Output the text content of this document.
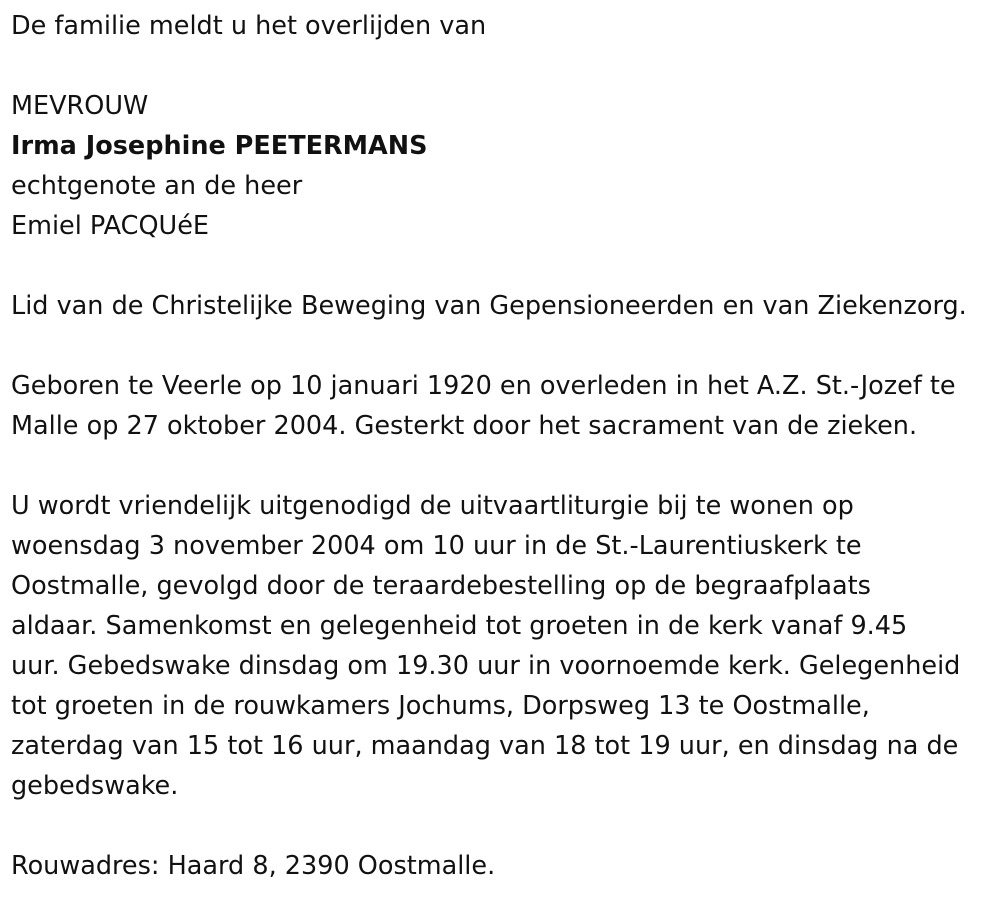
De familie meldt u het overlijden van
MEVROUW
Irma Josephine PEETERMANS
echtgenote an de heer
Emiel PACQUéE
Lid van de Christelijke Beweging van Gepensioneerden en van Ziekenzorg.
Geboren te Veerle op 10 januari 1920 en overleden in het A.Z. St.-Jozef te
Malle op 27 oktober 2004. Gesterkt door het sacrament van de zieken.
U wordt vriendelijk uitgenodigd de uitvaartliturgie bij te wonen op
woensdag 3 november 2004 om 10 uur in de St.-Laurentiuskerk te
Oostmalle, gevolgd door de teraardebestelling op de begraafplaats
aldaar. Samenkomst en gelegenheid tot groeten in de kerk vanaf 9.45
uur. Gebedswake dinsdag om 19.30 uur in voornoemde kerk. Gelegenheid
tot groeten in de rouwkamers Jochums, Dorpsweg 13 te Oostmalle,
zaterdag van 15 tot 16 uur, maandag van 18 tot 19 uur, en dinsdag na de
gebedswake.
Rouwadres: Haard 8, 2390 Oostmalle.
